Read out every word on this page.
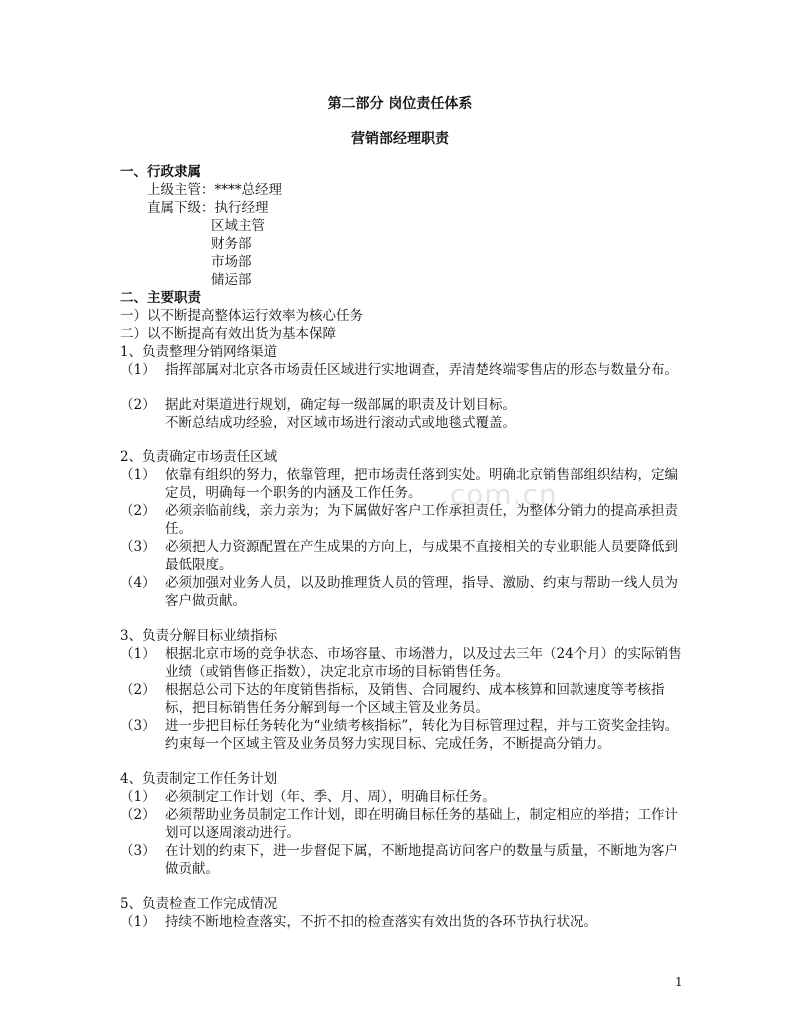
第二部分 岗位责任体系
营销部经理职责
一、行政隶属
上级主管：****总经理
直属下级：执行经理
区域主管
财务部
市场部
储运部
二、主要职责
一）以不断提高整体运行效率为核心任务
二）以不断提高有效出货为基本保障
1、负责整理分销网络渠道
（1） 指挥部属对北京各市场责任区域进行实地调查，弄清楚终端零售店的形态与数量分布。
（2） 据此对渠道进行规划，确定每一级部属的职责及计划目标。
不断总结成功经验，对区域市场进行滚动式或地毯式覆盖。
2、负责确定市场责任区域
（1） 依靠有组织的努力，依靠管理，把市场责任落到实处。明确北京销售部组织结构，定编定员，明确每一个职务的内涵及工作任务。
（2） 必须亲临前线，亲力亲为；为下属做好客户工作承担责任，为整体分销力的提高承担责任。
（3） 必须把人力资源配置在产生成果的方向上，与成果不直接相关的专业职能人员要降低到最低限度。
（4） 必须加强对业务人员，以及助推理货人员的管理，指导、激励、约束与帮助一线人员为客户做贡献。
3、负责分解目标业绩指标
（1） 根据北京市场的竞争状态、市场容量、市场潜力，以及过去三年（24个月）的实际销售业绩（或销售修正指数），决定北京市场的目标销售任务。
（2） 根据总公司下达的年度销售指标，及销售、合同履约、成本核算和回款速度等考核指标，把目标销售任务分解到每一个区域主管及业务员。
（3） 进一步把目标任务转化为“业绩考核指标”，转化为目标管理过程，并与工资奖金挂钩。约束每一个区域主管及业务员努力实现目标、完成任务，不断提高分销力。
4、负责制定工作任务计划
（1） 必须制定工作计划（年、季、月、周），明确目标任务。
（2） 必须帮助业务员制定工作计划，即在明确目标任务的基础上，制定相应的举措；工作计划可以逐周滚动进行。
（3） 在计划的约束下，进一步督促下属，不断地提高访问客户的数量与质量，不断地为客户做贡献。
5、负责检查工作完成情况
（1） 持续不断地检查落实，不折不扣的检查落实有效出货的各环节执行状况。
.com.cn
1
